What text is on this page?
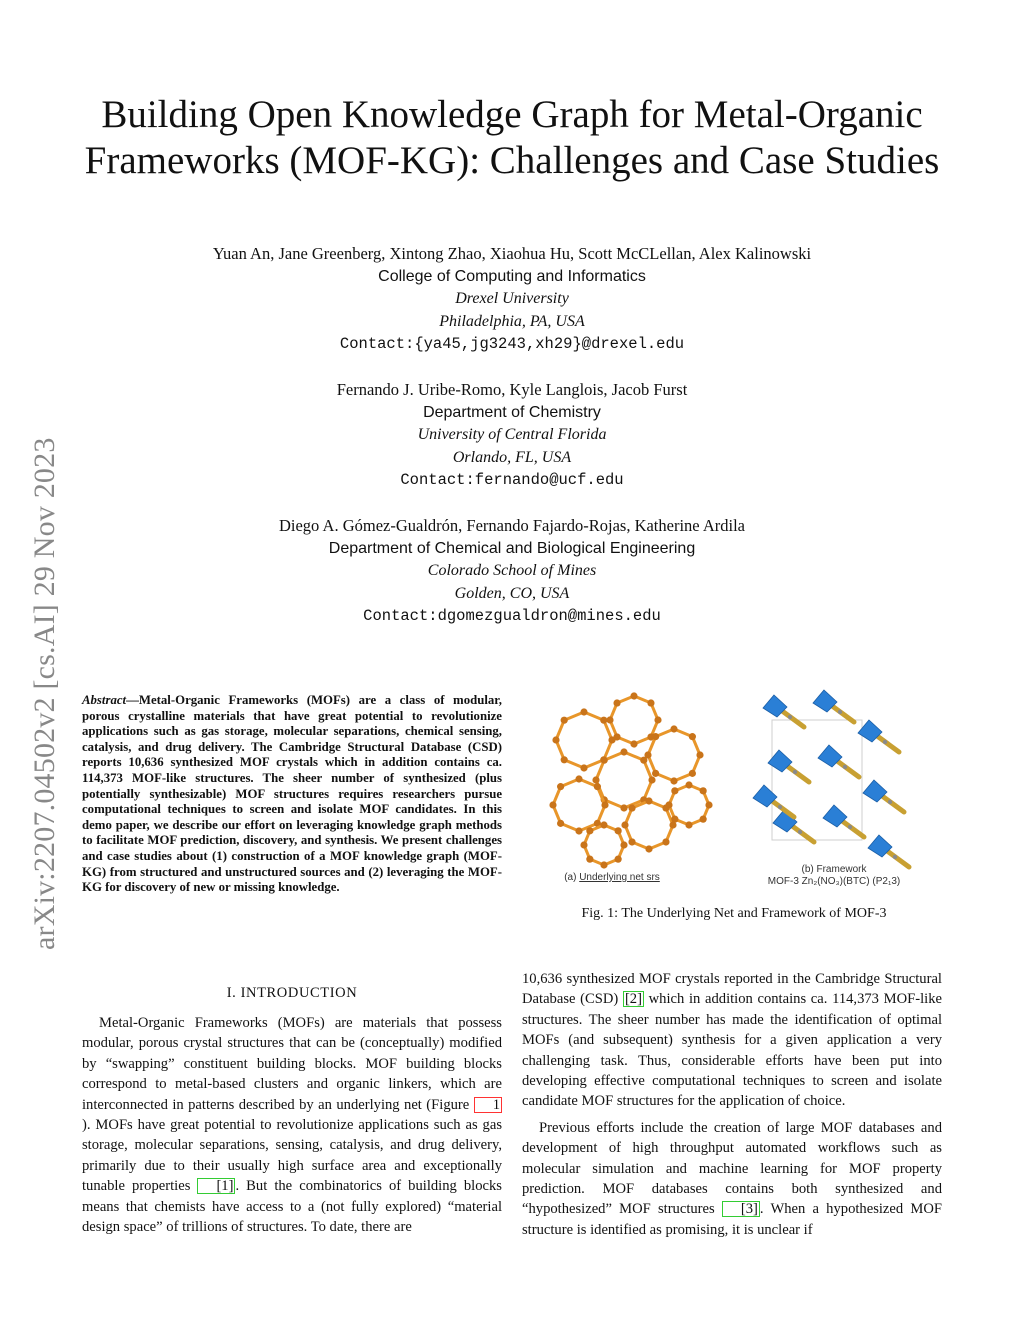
arXiv:2207.04502v2 [cs.AI] 29 Nov 2023
Building Open Knowledge Graph for Metal-Organic Frameworks (MOF-KG): Challenges and Case Studies
Yuan An, Jane Greenberg, Xintong Zhao, Xiaohua Hu, Scott McCLellan, Alex Kalinowski
College of Computing and Informatics
Drexel University
Philadelphia, PA, USA
Contact:{ya45,jg3243,xh29}@drexel.edu
Fernando J. Uribe-Romo, Kyle Langlois, Jacob Furst
Department of Chemistry
University of Central Florida
Orlando, FL, USA
Contact:fernando@ucf.edu
Diego A. Gómez-Gualdrón, Fernando Fajardo-Rojas, Katherine Ardila
Department of Chemical and Biological Engineering
Colorado School of Mines
Golden, CO, USA
Contact:dgomezgualdron@mines.edu

Abstract—Metal-Organic Frameworks (MOFs) are a class of modular, porous crystalline materials that have great potential to revolutionize applications such as gas storage, molecular separations, chemical sensing, catalysis, and drug delivery. The Cambridge Structural Database (CSD) reports 10,636 synthesized MOF crystals which in addition contains ca. 114,373 MOF-like structures. The sheer number of synthesized (plus potentially synthesizable) MOF structures requires researchers pursue computational techniques to screen and isolate MOF candidates. In this demo paper, we describe our effort on leveraging knowledge graph methods to facilitate MOF prediction, discovery, and synthesis. We present challenges and case studies about (1) construction of a MOF knowledge graph (MOF-KG) from structured and unstructured sources and (2) leveraging the MOF-KG for discovery of new or missing knowledge.

(a) Underlying net srs
(b) Framework
MOF-3 Zn₂(NO₃)(BTC) (P2₁3)
Fig. 1: The Underlying Net and Framework of MOF-3
I. INTRODUCTION

Metal-Organic Frameworks (MOFs) are materials that possess modular, porous crystal structures that can be (conceptually) modified by “swapping” constituent building blocks. MOF building blocks correspond to metal-based clusters and organic linkers, which are interconnected in patterns described by an underlying net (Figure 1). MOFs have great potential to revolutionize applications such as gas storage, molecular separations, sensing, catalysis, and drug delivery, primarily due to their usually high surface area and exceptionally tunable properties [1] . But the combinatorics of building blocks means that chemists have access to a (not fully explored) “material design space” of trillions of structures. To date, there are

10,636 synthesized MOF crystals reported in the Cambridge Structural Database (CSD) [2] which in addition contains ca. 114,373 MOF-like structures. The sheer number has made the identification of optimal MOFs (and subsequent) synthesis for a given application a very challenging task. Thus, considerable efforts have been put into developing effective computational techniques to screen and isolate candidate MOF structures for the application of choice.

Previous efforts include the creation of large MOF databases and development of high throughput automated workflows such as molecular simulation and machine learning for MOF property prediction. MOF databases contains both synthesized and “hypothesized” MOF structures [3] . When a hypothesized MOF structure is identified as promising, it is unclear if
